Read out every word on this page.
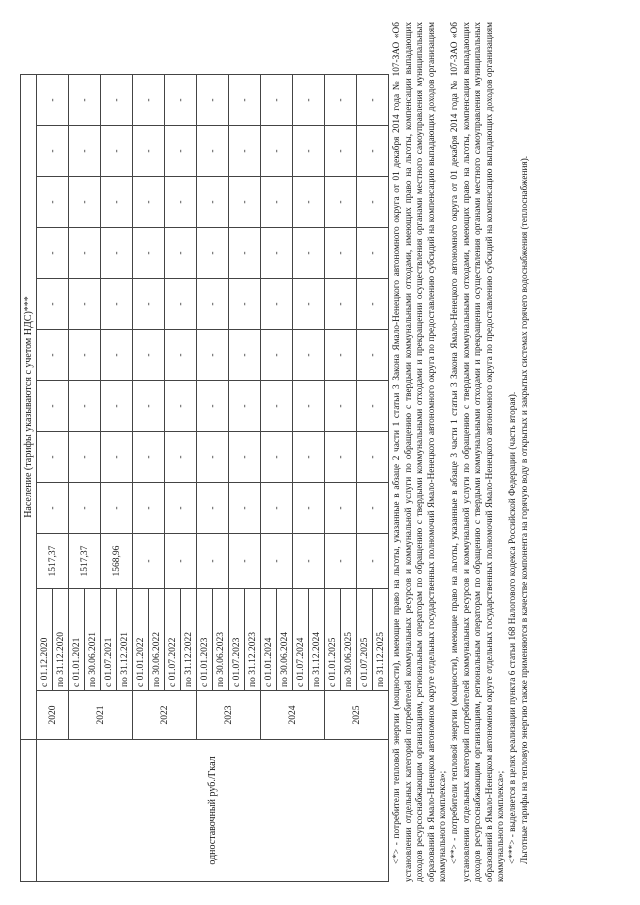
	Население (тарифы указываются с учетом НДС)***											
одноставочный руб./Гкал	2020	с 01.12.2020	1517,37	-	-	-	-	-	-	-	-	-
		по 31.12.2020										
	2021	с 01.01.2021	1517,37	-	-	-	-	-	-	-	-	-
		по 30.06.2021										
		с 01.07.2021	1568,96	-	-	-	-	-	-	-	-	-
		по 31.12.2021										
	2022	с 01.01.2022	-	-	-	-	-	-	-	-	-	-
		по 30.06.2022										
		с 01.07.2022	-	-	-	-	-	-	-	-	-	-
		по 31.12.2022										
	2023	с 01.01.2023	-	-	-	-	-	-	-	-	-	-
		по 30.06.2023										
		с 01.07.2023	-	-	-	-	-	-	-	-	-	-
		по 31.12.2023										
	2024	с 01.01.2024	-	-	-	-	-	-	-	-	-	-
		по 30.06.2024										
		с 01.07.2024	-	-	-	-	-	-	-	-	-	-
		по 31.12.2024										
	2025	с 01.01.2025	-	-	-	-	-	-	-	-	-	-
		по 30.06.2025										
		с 01.07.2025	-	-	-	-	-	-	-	-	-	-
		по 31.12.2025										<*> - потребители тепловой энергии (мощности), имеющие право на льготы, указанные в абзаце 2 части 1 статьи 3 Закона Ямало-Ненецкого автономного округа от 01 декабря 2014 года № 107-ЗАО «Об установлении отдельных категорий потребителей коммунальных ресурсов и коммунальной услуги по обращению с твердыми коммунальными отходами, имеющих право на льготы, компенсации выпадающих доходов ресурсоснабжающим организациям, региональным операторам по обращению с твердыми коммунальными отходами и прекращении осуществления органами местного самоуправления муниципальных образований в Ямало-Ненецком автономном округе отдельных государственных полномочий Ямало-Ненецкого автономного округа по предоставлению субсидий на компенсацию выпадающих доходов организациям коммунального комплекса»; <**> - потребители тепловой энергии (мощности), имеющие право на льготы, указанные в абзаце 3 части 1 статьи 3 Закона Ямало-Ненецкого автономного округа от 01 декабря 2014 года № 107-ЗАО «Об установлении отдельных категорий потребителей коммунальных ресурсов и коммунальной услуги по обращению с твердыми коммунальными отходами, имеющих право на льготы, компенсации выпадающих доходов ресурсоснабжающим организациям, региональным операторам по обращению с твердыми коммунальными отходами и прекращении осуществления органами местного самоуправления муниципальных образований в Ямало-Ненецком автономном округе отдельных государственных полномочий Ямало-Ненецкого автономного округа по предоставлению субсидий на компенсацию выпадающих доходов организациям коммунального комплекса»; <***> - выделяется в целях реализации пункта 6 статьи 168 Налогового кодекса Российской Федерации (часть вторая). Льготные тарифы на тепловую энергию также применяются в качестве компонента на горячую воду в открытых и закрытых системах горячего водоснабжения (теплоснабжения).
